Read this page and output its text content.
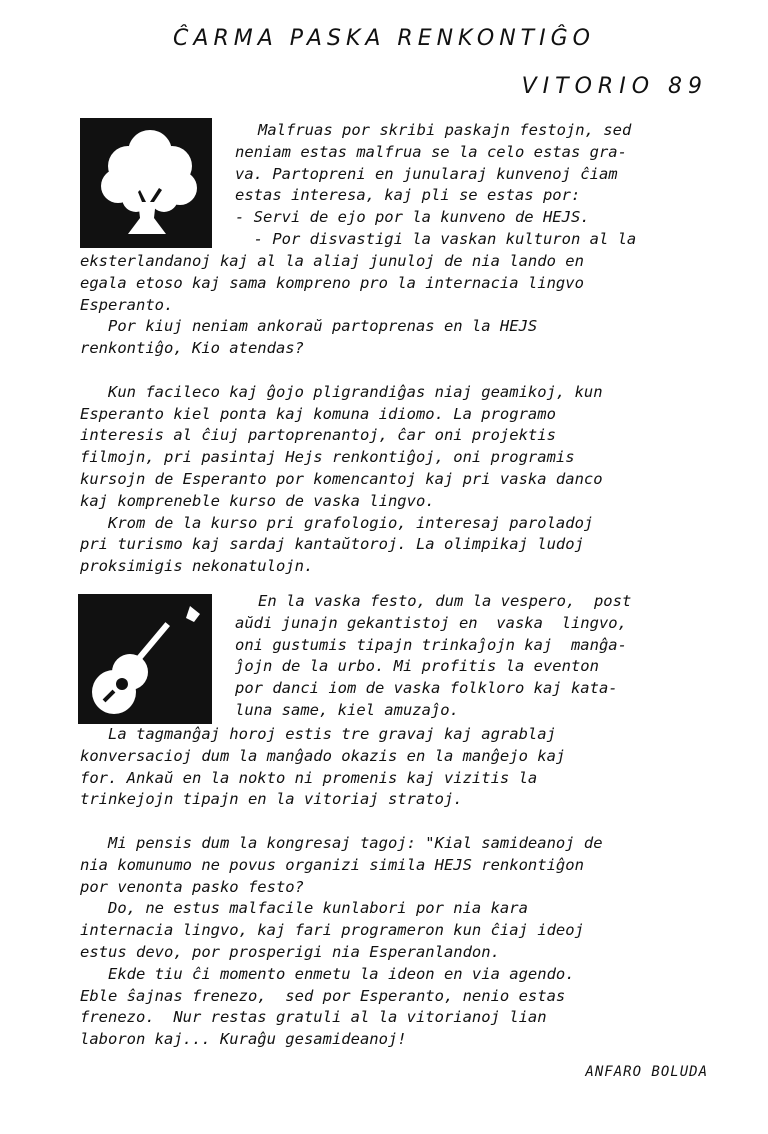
ĈARMA PASKA RENKONTIĜO
VITORIO 89
Malfruas por skribi paskajn festojn, sed
neniam estas malfrua se la celo estas gra-
va. Partopreni en junularaj kunvenoj ĉiam
estas interesa, kaj pli se estas por:
- Servi de ejo por la kunveno de HEJS.
- Por disvastigi la vaskan kulturon al la
eksterlandanoj kaj al la aliaj junuloj de nia lando en
egala etoso kaj sama kompreno pro la internacia lingvo
Esperanto.
Por kiuj neniam ankoraŭ partoprenas en la HEJS
renkontiĝo, Kio atendas?
Kun facileco kaj ĝojo pligrandiĝas niaj geamikoj, kun
Esperanto kiel ponta kaj komuna idiomo. La programo
interesis al ĉiuj partoprenantoj, ĉar oni projektis
filmojn, pri pasintaj Hejs renkontiĝoj, oni programis
kursojn de Esperanto por komencantoj kaj pri vaska danco
kaj kompreneble kurso de vaska lingvo.
Krom de la kurso pri grafologio, interesaj paroladoj
pri turismo kaj sardaj kantaŭtoroj. La olimpikaj ludoj
proksimigis nekonatulojn.
En la vaska festo, dum la vespero,  post
aŭdi junajn gekantistoj en  vaska  lingvo,
oni gustumis tipajn trinkaĵojn kaj  manĝa-
ĵojn de la urbo. Mi profitis la eventon
por danci iom de vaska folkloro kaj kata-
luna same, kiel amuzaĵo.
La tagmanĝaj horoj estis tre gravaj kaj agrablaj
konversacioj dum la manĝado okazis en la manĝejo kaj
for. Ankaŭ en la nokto ni promenis kaj vizitis la
trinkejojn tipajn en la vitoriaj stratoj.
Mi pensis dum la kongresaj tagoj: "Kial samideanoj de
nia komunumo ne povus organizi simila HEJS renkontiĝon
por venonta pasko festo?
Do, ne estus malfacile kunlabori por nia kara
internacia lingvo, kaj fari programeron kun ĉiaj ideoj
estus devo, por prosperigi nia Esperanlandon.
Ekde tiu ĉi momento enmetu la ideon en via agendo.
Eble ŝajnas frenezo,  sed por Esperanto, nenio estas
frenezo.  Nur restas gratuli al la vitorianoj lian
laboron kaj... Kuraĝu gesamideanoj!
ANFARO BOLUDA
